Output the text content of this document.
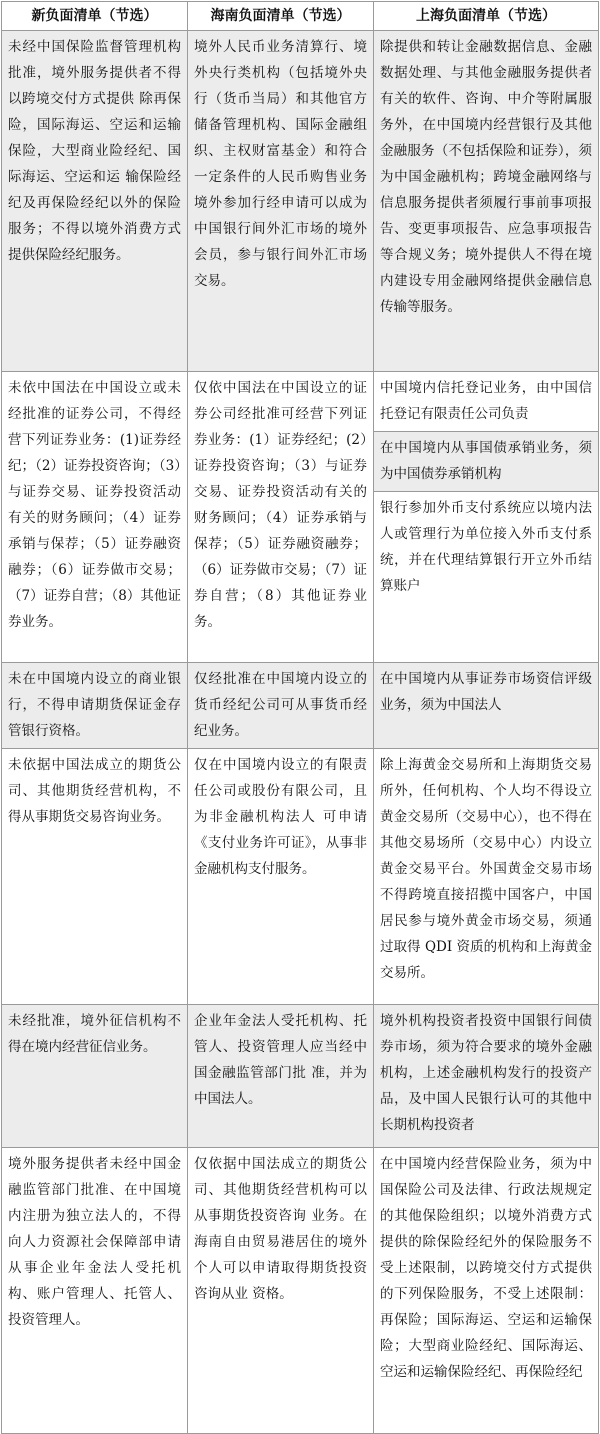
新负面清单（节选）	海南负面清单（节选）	上海负面清单（节选）
未经中国保险监督管理机构批准，境外服务提供者不得以跨境交付方式提供 除再保险，国际海运、空运和运输保险，大型商业险经纪、国际海运、空运和运 输保险经纪及再保险经纪以外的保险服务；不得以境外消费方式提供保险经纪服务。	境外人民币业务清算行、境外央行类机构（包括境外央行（货币当局）和其他官方储备管理机构、国际金融组织、主权财富基金）和符合一定条件的人民币购售业务境外参加行经申请可以成为中国银行间外汇市场的境外会员，参与银行间外汇市场交易。	除提供和转让金融数据信息、金融数据处理、与其他金融服务提供者有关的软件、咨询、中介等附属服务外，在中国境内经营银行及其他金融服务（不包括保险和证券），须为中国金融机构；跨境金融网络与信息服务提供者须履行事前事项报告、变更事项报告、应急事项报告等合规义务；境外提供人不得在境内建设专用金融网络提供金融信息传输等服务。
未依中国法在中国设立或未经批准的证券公司，不得经营下列证券业务：(1)证券经纪；（2）证券投资咨询；（3）与证券交易、证券投资活动有关的财务顾问；（4）证券承销与保荐；（5）证券融资融券；（6）证券做市交易；（7）证券自营；（8）其他证券业务。	仅依中国法在中国设立的证券公司经批准可经营下列证券业务：(1）证券经纪；(2）证券投资咨询；（3）与证券交易、证券投资活动有关的财务顾问；（4）证券承销与保荐；（5）证券融资融券；（6）证券做市交易；（7）证券自营；（8）其他证券业务。	中国境内信托登记业务，由中国信托登记有限责任公司负责
		在中国境内从事国债承销业务，须为中国债券承销机构
		银行参加外币支付系统应以境内法人或管理行为单位接入外币支付系统，并在代理结算银行开立外币结算账户
未在中国境内设立的商业银行，不得申请期货保证金存管银行资格。	仅经批准在中国境内设立的货币经纪公司可从事货币经纪业务。	在中国境内从事证券市场资信评级业务，须为中国法人
未依据中国法成立的期货公司、其他期货经营机构，不得从事期货交易咨询业务。	仅在中国境内设立的有限责任公司或股份有限公司，且为非金融机构法人 可申请《支付业务许可证》，从事非金融机构支付服务。	除上海黄金交易所和上海期货交易所外，任何机构、个人均不得设立黄金交易所（交易中心），也不得在其他交易场所（交易中心）内设立黄金交易平台。外国黄金交易市场不得跨境直接招揽中国客户，中国居民参与境外黄金市场交易，须通过取得 QDI 资质的机构和上海黄金交易所。
未经批准，境外征信机构不得在境内经营征信业务。	企业年金法人受托机构、托管人、投资管理人应当经中国金融监管部门批 准，并为中国法人。	境外机构投资者投资中国银行间债券市场，须为符合要求的境外金融机构，上述金融机构发行的投资产品，及中国人民银行认可的其他中长期机构投资者
境外服务提供者未经中国金融监管部门批准、在中国境内注册为独立法人的，不得向人力资源社会保障部申请从事企业年金法人受托机构、账户管理人、托管人、投资管理人。	仅依据中国法成立的期货公司、其他期货经营机构可以从事期货投资咨询 业务。在海南自由贸易港居住的境外个人可以申请取得期货投资咨询从业 资格。	在中国境内经营保险业务，须为中国保险公司及法律、行政法规规定的其他保险组织；以境外消费方式提供的除保险经纪外的保险服务不受上述限制，以跨境交付方式提供的下列保险服务，不受上述限制：再保险；国际海运、空运和运输保险；大型商业险经纪、国际海运、空运和运输保险经纪、再保险经纪
